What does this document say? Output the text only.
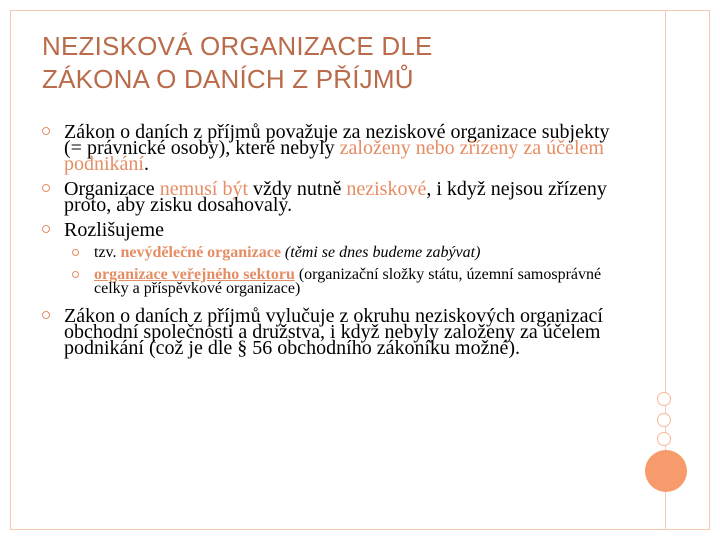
NEZISKOVÁ ORGANIZACE DLE
ZÁKONA O DANÍCH Z PŘÍJMŮ
Zákon o daních z příjmů považuje za neziskové organizace subjekty (= právnické osoby), které nebyly založeny nebo zřízeny za účelem podnikání.
Organizace nemusí být vždy nutně neziskové, i když nejsou zřízeny proto, aby zisku dosahovaly.
Rozlišujeme
tzv. nevýdělečné organizace (těmi se dnes budeme zabývat)
organizace veřejného sektoru (organizační složky státu, územní samosprávné celky a příspěvkové organizace)
Zákon o daních z příjmů vylučuje z okruhu neziskových organizací obchodní společnosti a družstva, i když nebyly založeny za účelem podnikání (což je dle § 56 obchodního zákoníku možné).
